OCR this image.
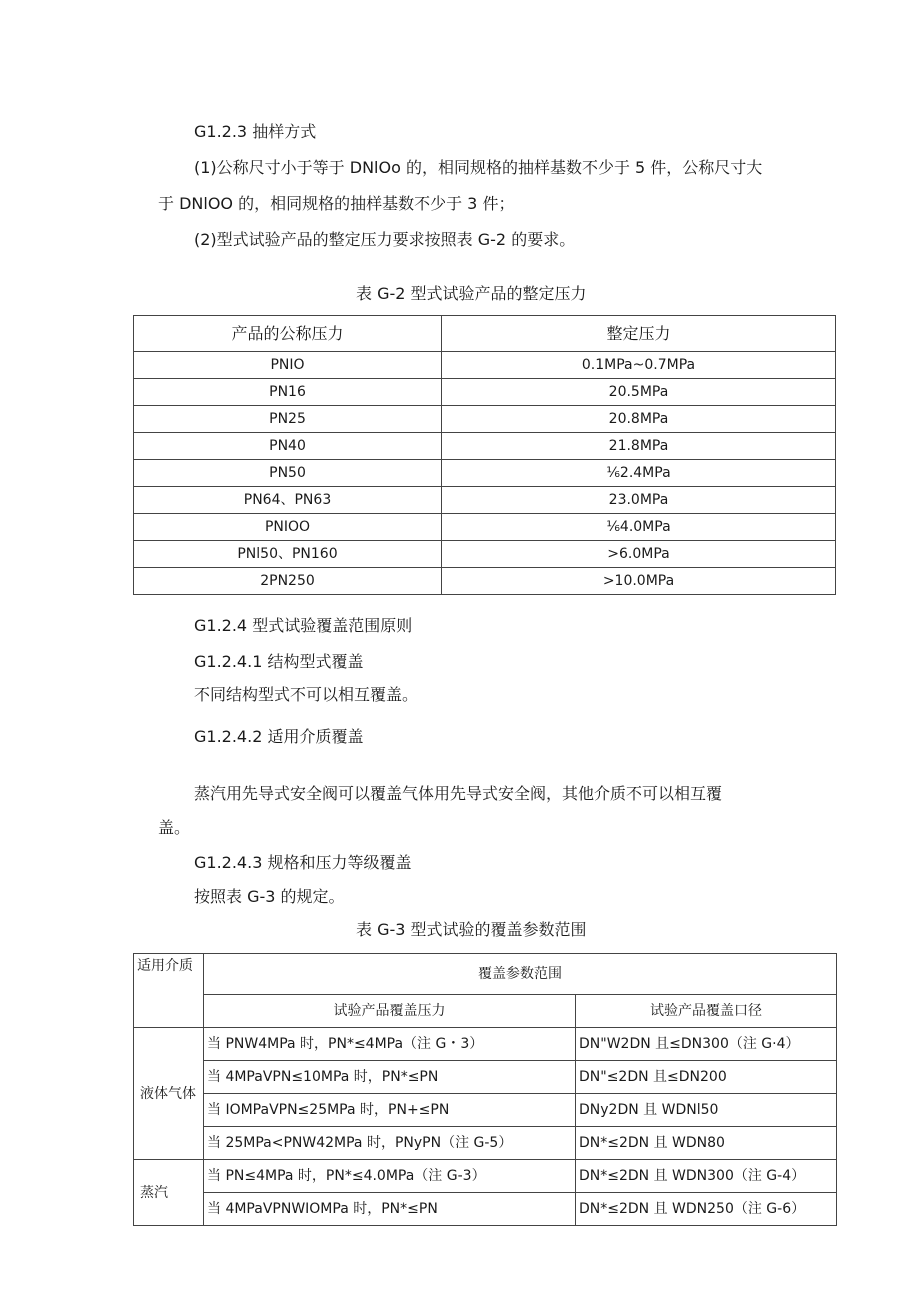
G1.2.3 抽样方式
(1)公称尺寸小于等于 DNlOo 的，相同规格的抽样基数不少于 5 件，公称尺寸大
于 DNlOO 的，相同规格的抽样基数不少于 3 件；
(2)型式试验产品的整定压力要求按照表 G-2 的要求。
表 G-2 型式试验产品的整定压力
产品的公称压力	整定压力
PNIO	0.1MPa~0.7MPa
PN16	20.5MPa
PN25	20.8MPa
PN40	21.8MPa
PN50	⅙2.4MPa
PN64、PN63	23.0MPa
PNIOO	⅙4.0MPa
PNl50、PN160	>6.0MPa
2PN250	>10.0MPa
G1.2.4 型式试验覆盖范围原则
G1.2.4.1 结构型式覆盖
不同结构型式不可以相互覆盖。
G1.2.4.2 适用介质覆盖
蒸汽用先导式安全阀可以覆盖气体用先导式安全阀，其他介质不可以相互覆
盖。
G1.2.4.3 规格和压力等级覆盖
按照表 G-3 的规定。
表 G-3 型式试验的覆盖参数范围
适用介质	覆盖参数范围	
	试验产品覆盖压力	试验产品覆盖口径
液体气体	当 PNW4MPa 时，PN*≤4MPa（注 G・3）	DN"W2DN 且≤DN300（注 G·4）
	当 4MPaVPN≤10MPa 时，PN*≤PN	DN"≤2DN 且≤DN200
	当 IOMPaVPN≤25MPa 时，PN+≤PN	DNy2DN 且 WDNl50
	当 25MPa<PNW42MPa 时，PNyPN（注 G-5）	DN*≤2DN 且 WDN80
蒸汽	当 PN≤4MPa 时，PN*≤4.0MPa（注 G-3）	DN*≤2DN 且 WDN300（注 G-4）
	当 4MPaVPNWIOMPa 时，PN*≤PN	DN*≤2DN 且 WDN250（注 G-6）
